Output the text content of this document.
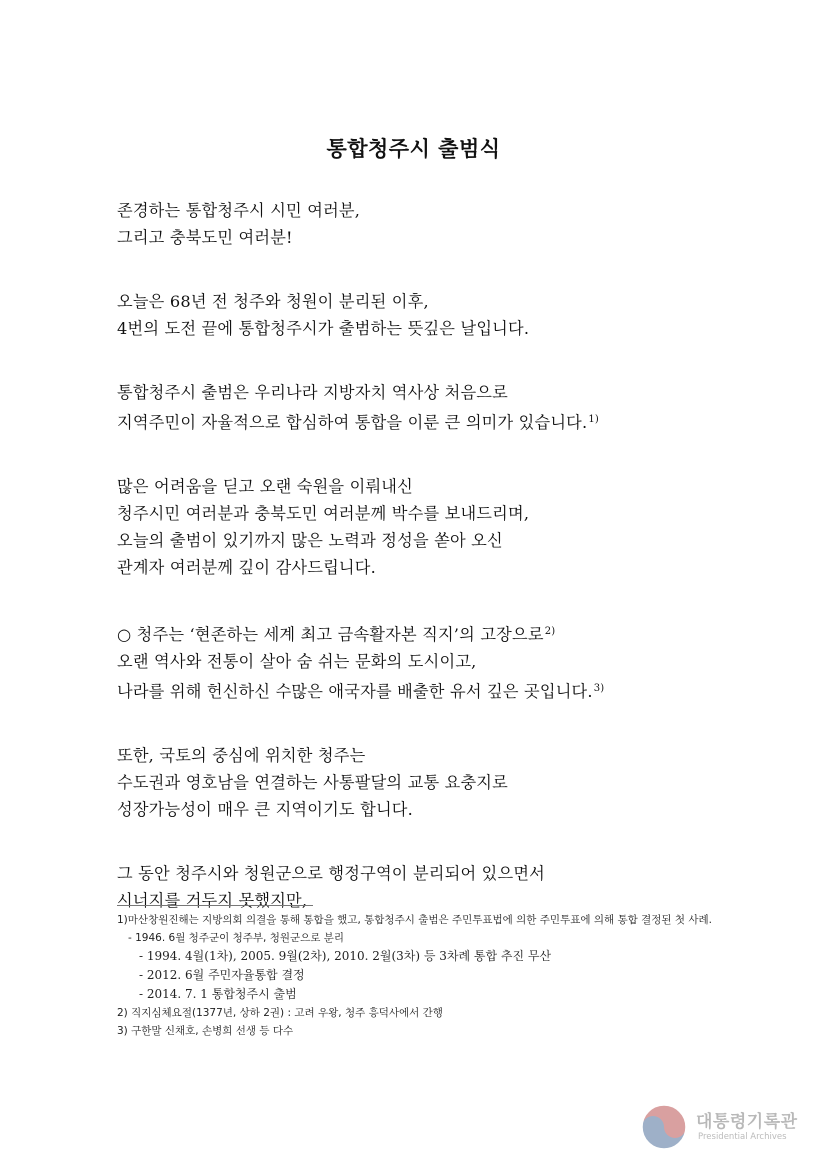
통합청주시 출범식
존경하는 통합청주시 시민 여러분,
그리고 충북도민 여러분!
오늘은 68년 전 청주와 청원이 분리된 이후,
4번의 도전 끝에 통합청주시가 출범하는 뜻깊은 날입니다.
통합청주시 출범은 우리나라 지방자치 역사상 처음으로
지역주민이 자율적으로 합심하여 통합을 이룬 큰 의미가 있습니다.$^{1)}$
많은 어려움을 딛고 오랜 숙원을 이뤄내신
청주시민 여러분과 충북도민 여러분께 박수를 보내드리며,
오늘의 출범이 있기까지 많은 노력과 정성을 쏟아 오신
관계자 여러분께 깊이 감사드립니다.
○ 청주는 ‘현존하는 세계 최고 금속활자본 직지’의 고장으로$^{2)}$
오랜 역사와 전통이 살아 숨 쉬는 문화의 도시이고,
나라를 위해 헌신하신 수많은 애국자를 배출한 유서 깊은 곳입니다.$^{3)}$
또한, 국토의 중심에 위치한 청주는
수도권과 영호남을 연결하는 사통팔달의 교통 요충지로
성장가능성이 매우 큰 지역이기도 합니다.
그 동안 청주시와 청원군으로 행정구역이 분리되어 있으면서
시너지를 거두지 못했지만,
1)마산창원진해는 지방의회 의결을 통해 통합을 했고, 통합청주시 출범은 주민투표법에 의한 주민투표에 의해 통합 결정된 첫 사례.
- 1946. 6월 청주군이 청주부, 청원군으로 분리
- 1994. 4월(1차), 2005. 9월(2차), 2010. 2월(3차) 등 3차례 통합 추진 무산
- 2012. 6월 주민자율통합 결정
- 2014. 7. 1 통합청주시 출범
2) 직지심체요절(1377년, 상하 2권) : 고려 우왕, 청주 흥덕사에서 간행
3) 구한말 신채호, 손병희 선생 등 다수
대통령기록관
Presidential Archives
